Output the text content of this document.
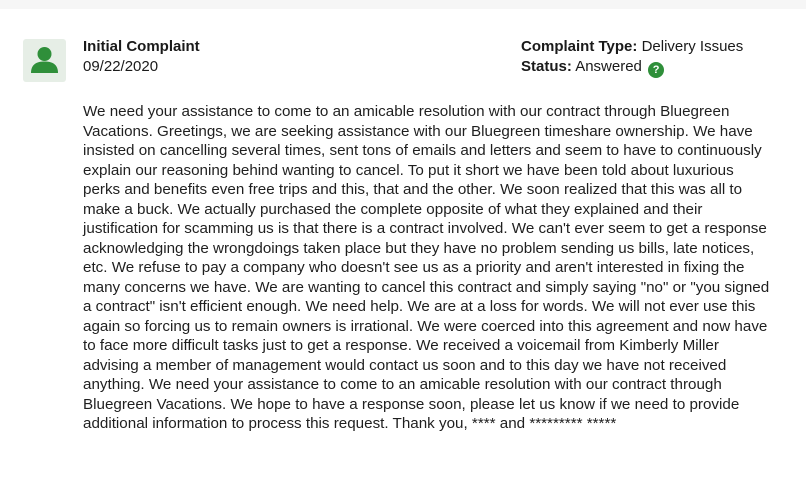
Initial Complaint
09/22/2020
Complaint Type: Delivery Issues
Status: Answered ?

We need your assistance to come to an amicable resolution with our contract through Bluegreen Vacations. Greetings, we are seeking assistance with our Bluegreen timeshare ownership. We have insisted on cancelling several times, sent tons of emails and letters and seem to have to continuously explain our reasoning behind wanting to cancel. To put it short we have been told about luxurious perks and benefits even free trips and this, that and the other. We soon realized that this was all to make a buck. We actually purchased the complete opposite of what they explained and their justification for scamming us is that there is a contract involved. We can't ever seem to get a response acknowledging the wrongdoings taken place but they have no problem sending us bills, late notices, etc. We refuse to pay a company who doesn't see us as a priority and aren't interested in fixing the many concerns we have. We are wanting to cancel this contract and simply saying "no" or "you signed a contract" isn't efficient enough. We need help. We are at a loss for words. We will not ever use this again so forcing us to remain owners is irrational. We were coerced into this agreement and now have to face more difficult tasks just to get a response. We received a voicemail from Kimberly Miller advising a member of management would contact us soon and to this day we have not received anything. We need your assistance to come to an amicable resolution with our contract through Bluegreen Vacations. We hope to have a response soon, please let us know if we need to provide additional information to process this request. Thank you, **** and ********* *****
